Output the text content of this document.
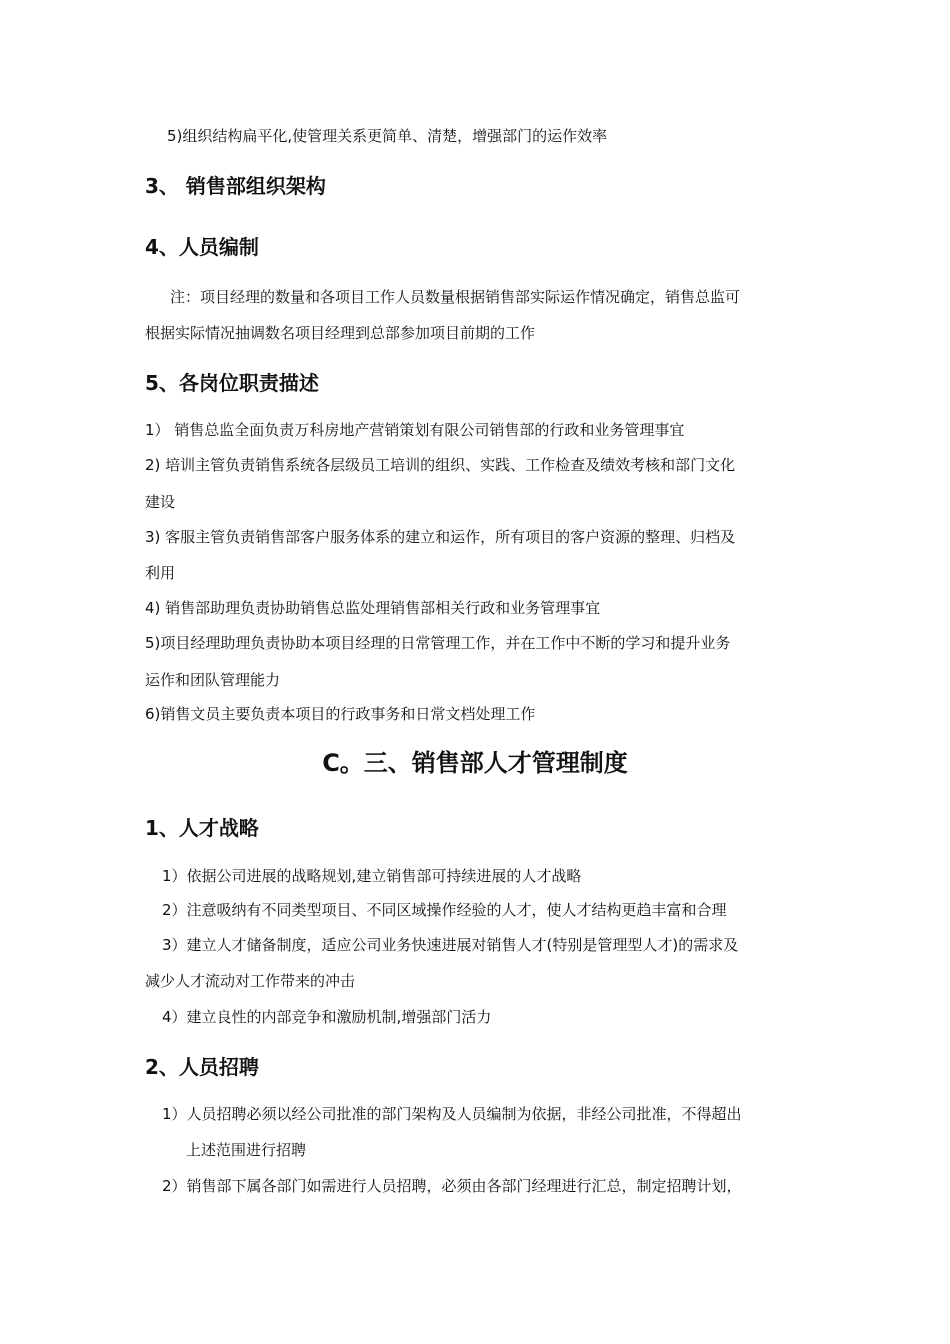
5)组织结构扁平化,使管理关系更简单、清楚，增强部门的运作效率
3、 销售部组织架构
4、人员编制
注：项目经理的数量和各项目工作人员数量根据销售部实际运作情况确定，销售总监可
根据实际情况抽调数名项目经理到总部参加项目前期的工作
5、各岗位职责描述
1） 销售总监全面负责万科房地产营销策划有限公司销售部的行政和业务管理事宜
2) 培训主管负责销售系统各层级员工培训的组织、实践、工作检查及绩效考核和部门文化
建设
3) 客服主管负责销售部客户服务体系的建立和运作，所有项目的客户资源的整理、归档及
利用
4) 销售部助理负责协助销售总监处理销售部相关行政和业务管理事宜
5)项目经理助理负责协助本项目经理的日常管理工作，并在工作中不断的学习和提升业务
运作和团队管理能力
6)销售文员主要负责本项目的行政事务和日常文档处理工作
C。三、销售部人才管理制度
1、人才战略
1）依据公司进展的战略规划,建立销售部可持续进展的人才战略
2）注意吸纳有不同类型项目、不同区域操作经验的人才，使人才结构更趋丰富和合理
3）建立人才储备制度，适应公司业务快速进展对销售人才(特别是管理型人才)的需求及
减少人才流动对工作带来的冲击
4）建立良性的内部竞争和激励机制,增强部门活力
2、人员招聘
1）人员招聘必须以经公司批准的部门架构及人员编制为依据，非经公司批准，不得超出
上述范围进行招聘
2）销售部下属各部门如需进行人员招聘，必须由各部门经理进行汇总，制定招聘计划，
